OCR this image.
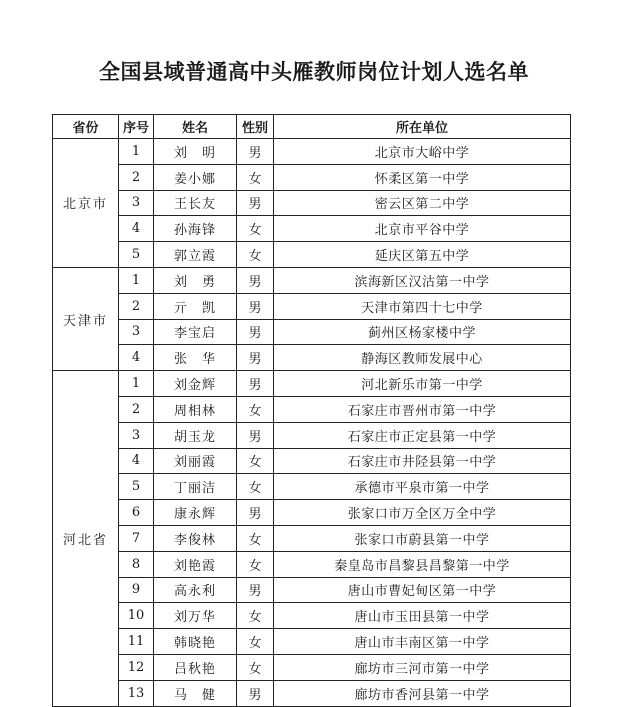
全国县域普通高中头雁教师岗位计划人选名单
省份	序号	姓名	性别	所在单位
北京市	1	刘　明	男	北京市大峪中学
	2	姜小娜	女	怀柔区第一中学
	3	王长友	男	密云区第二中学
	4	孙海锋	女	北京市平谷中学
	5	郭立霞	女	延庆区第五中学
天津市	1	刘　勇	男	滨海新区汉沽第一中学
	2	亓　凯	男	天津市第四十七中学
	3	李宝启	男	蓟州区杨家楼中学
	4	张　华	男	静海区教师发展中心
河北省	1	刘金辉	男	河北新乐市第一中学
	2	周相林	女	石家庄市晋州市第一中学
	3	胡玉龙	男	石家庄市正定县第一中学
	4	刘丽霞	女	石家庄市井陉县第一中学
	5	丁丽洁	女	承德市平泉市第一中学
	6	康永辉	男	张家口市万全区万全中学
	7	李俊林	女	张家口市蔚县第一中学
	8	刘艳霞	女	秦皇岛市昌黎县昌黎第一中学
	9	高永利	男	唐山市曹妃甸区第一中学
	10	刘万华	女	唐山市玉田县第一中学
	11	韩晓艳	女	唐山市丰南区第一中学
	12	吕秋艳	女	廊坊市三河市第一中学
	13	马　健	男	廊坊市香河县第一中学
